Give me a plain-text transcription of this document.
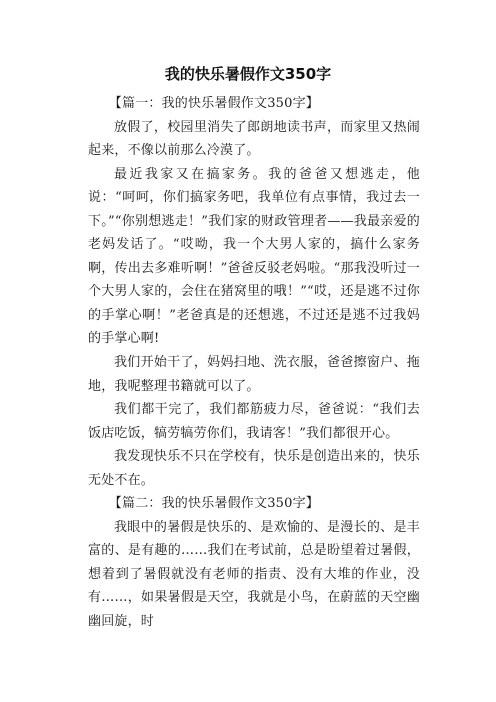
我的快乐暑假作文350字

【篇一：我的快乐暑假作文350字】

放假了，校园里消失了郎朗地读书声，而家里又热闹起来，不像以前那么冷漠了。

最近我家又在搞家务。我的爸爸又想逃走，他说：“呵呵，你们搞家务吧，我单位有点事情，我过去一下。”“你别想逃走！”我们家的财政管理者——我最亲爱的老妈发话了。“哎呦，我一个大男人家的，搞什么家务啊，传出去多难听啊！”爸爸反驳老妈啦。“那我没听过一个大男人家的，会住在猪窝里的哦！”“哎，还是逃不过你的手掌心啊！”老爸真是的还想逃，不过还是逃不过我妈的手掌心啊!

我们开始干了，妈妈扫地、洗衣服，爸爸擦窗户、拖地，我呢整理书籍就可以了。

我们都干完了，我们都筋疲力尽，爸爸说：“我们去饭店吃饭，犒劳犒劳你们，我请客！”我们都很开心。

我发现快乐不只在学校有，快乐是创造出来的，快乐无处不在。

【篇二：我的快乐暑假作文350字】

我眼中的暑假是快乐的、是欢愉的、是漫长的、是丰富的、是有趣的……我们在考试前，总是盼望着过暑假，想着到了暑假就没有老师的指责、没有大堆的作业，没有……，如果暑假是天空，我就是小鸟，在蔚蓝的天空幽幽回旋，时
